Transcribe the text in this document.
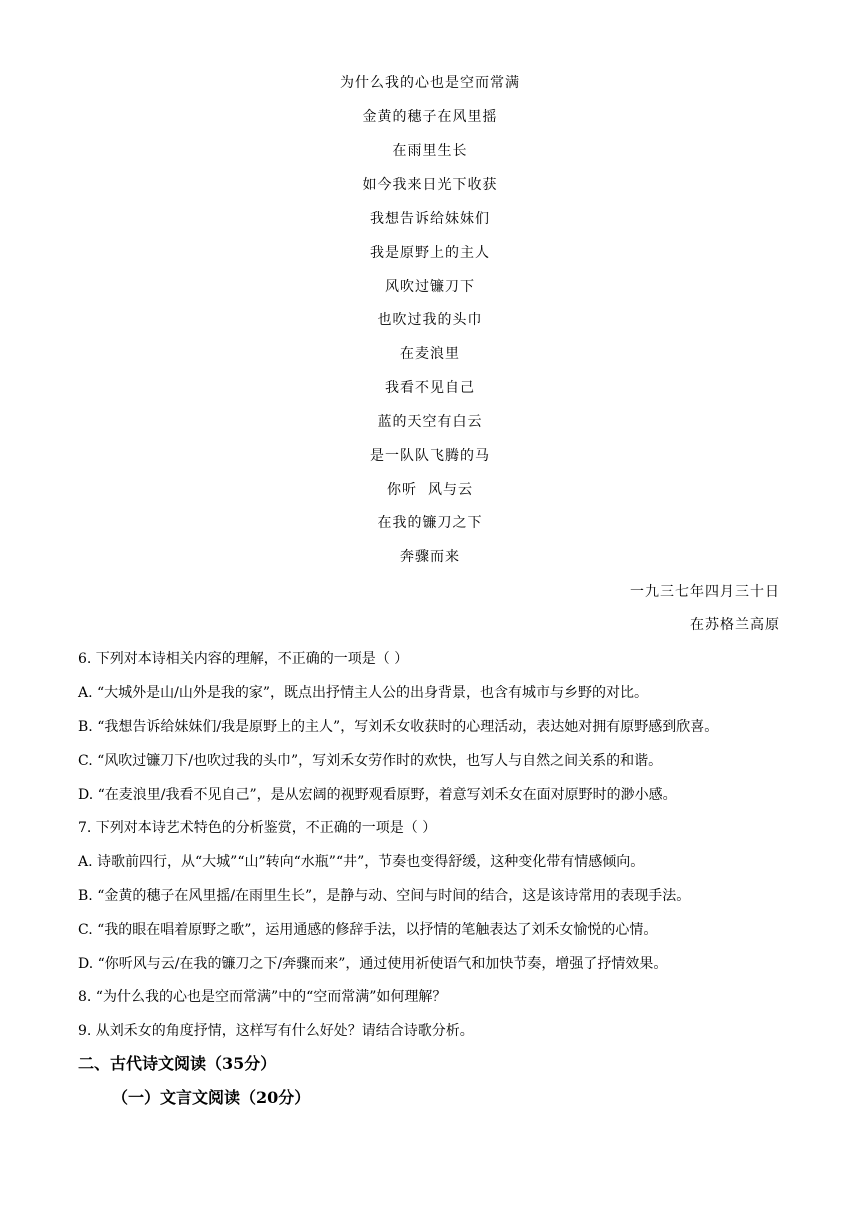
为什么我的心也是空而常满
金黄的穗子在风里摇
在雨里生长
如今我来日光下收获
我想告诉给妹妹们
我是原野上的主人
风吹过镰刀下
也吹过我的头巾
在麦浪里
我看不见自己
蓝的天空有白云
是一队队飞腾的马
你听  风与云
在我的镰刀之下
奔骤而来
一九三七年四月三十日
在苏格兰高原
6. 下列对本诗相关内容的理解，不正确的一项是（ ）
A. “大城外是山/山外是我的家”，既点出抒情主人公的出身背景，也含有城市与乡野的对比。
B. “我想告诉给妹妹们/我是原野上的主人”，写刘禾女收获时的心理活动，表达她对拥有原野感到欣喜。
C. “风吹过镰刀下/也吹过我的头巾”，写刘禾女劳作时的欢快，也写人与自然之间关系的和谐。
D. “在麦浪里/我看不见自己”，是从宏阔的视野观看原野，着意写刘禾女在面对原野时的渺小感。
7. 下列对本诗艺术特色的分析鉴赏，不正确的一项是（ ）
A. 诗歌前四行，从“大城”“山”转向“水瓶”“井”，节奏也变得舒缓，这种变化带有情感倾向。
B. “金黄的穗子在风里摇/在雨里生长”，是静与动、空间与时间的结合，这是该诗常用的表现手法。
C. “我的眼在唱着原野之歌”，运用通感的修辞手法，以抒情的笔触表达了刘禾女愉悦的心情。
D. “你听风与云/在我的镰刀之下/奔骤而来”，通过使用祈使语气和加快节奏，增强了抒情效果。
8. “为什么我的心也是空而常满”中的“空而常满”如何理解？
9. 从刘禾女的角度抒情，这样写有什么好处？请结合诗歌分析。
二、古代诗文阅读（35分）
（一）文言文阅读（20分）
